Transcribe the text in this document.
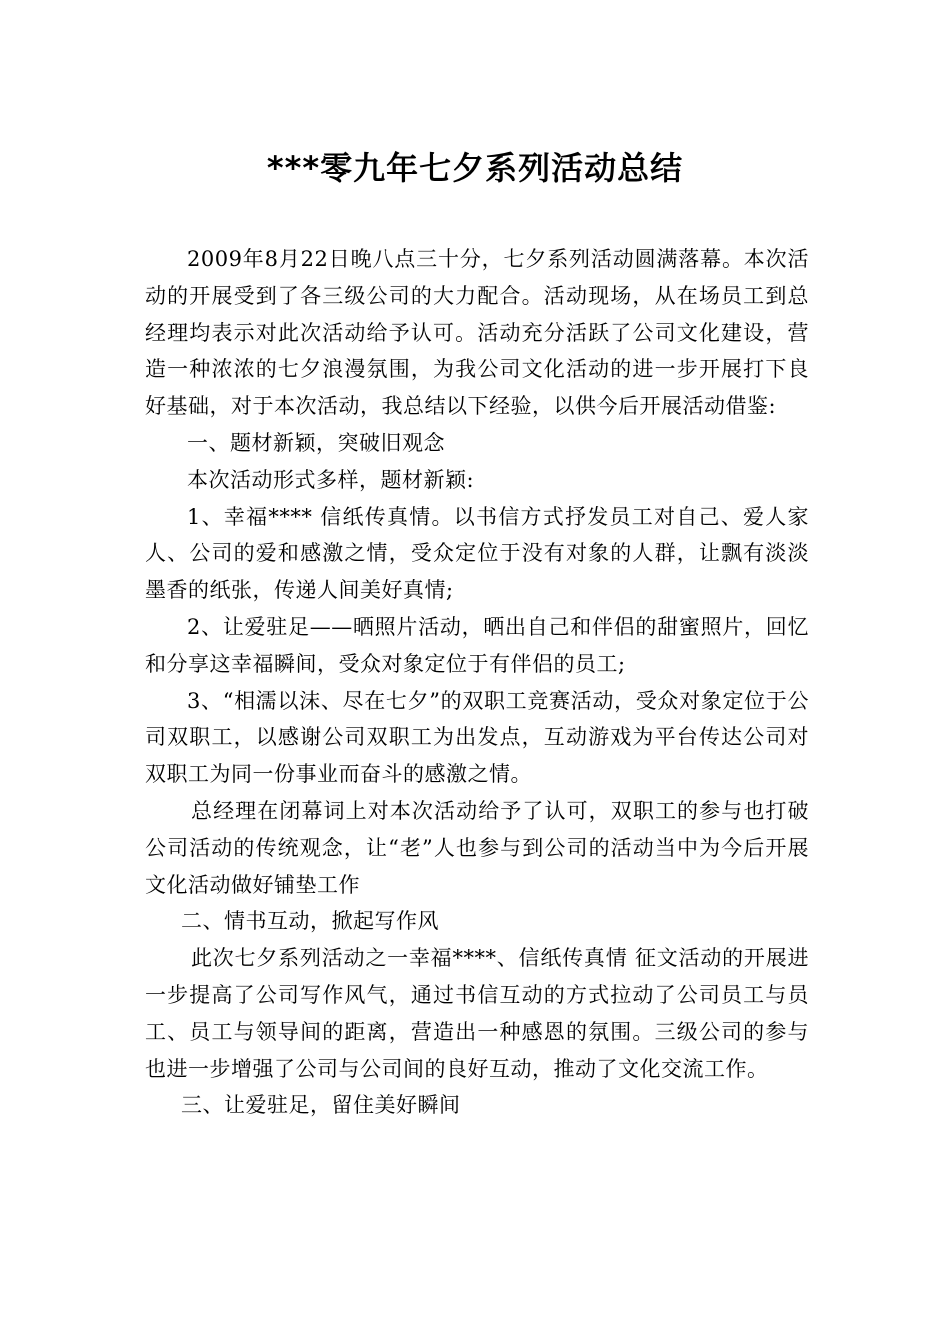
***零九年七夕系列活动总结

2009年8月22日晚八点三十分，七夕系列活动圆满落幕。本次活动的开展受到了各三级公司的大力配合。活动现场，从在场员工到总经理均表示对此次活动给予认可。活动充分活跃了公司文化建设，营造一种浓浓的七夕浪漫氛围，为我公司文化活动的进一步开展打下良好基础，对于本次活动，我总结以下经验，以供今后开展活动借鉴:

一、题材新颖，突破旧观念

本次活动形式多样，题材新颖:

1、幸福**** 信纸传真情。以书信方式抒发员工对自己、爱人家人、公司的爱和感激之情，受众定位于没有对象的人群，让飘有淡淡墨香的纸张，传递人间美好真情;

2、让爱驻足——晒照片活动，晒出自己和伴侣的甜蜜照片，回忆和分享这幸福瞬间，受众对象定位于有伴侣的员工;

3、“相濡以沫、尽在七夕”的双职工竞赛活动，受众对象定位于公司双职工，以感谢公司双职工为出发点，互动游戏为平台传达公司对双职工为同一份事业而奋斗的感激之情。

总经理在闭幕词上对本次活动给予了认可，双职工的参与也打破公司活动的传统观念，让“老”人也参与到公司的活动当中为今后开展文化活动做好铺垫工作

二、情书互动，掀起写作风

此次七夕系列活动之一幸福****、信纸传真情 征文活动的开展进一步提高了公司写作风气，通过书信互动的方式拉动了公司员工与员工、员工与领导间的距离，营造出一种感恩的氛围。三级公司的参与也进一步增强了公司与公司间的良好互动，推动了文化交流工作。

三、让爱驻足，留住美好瞬间
